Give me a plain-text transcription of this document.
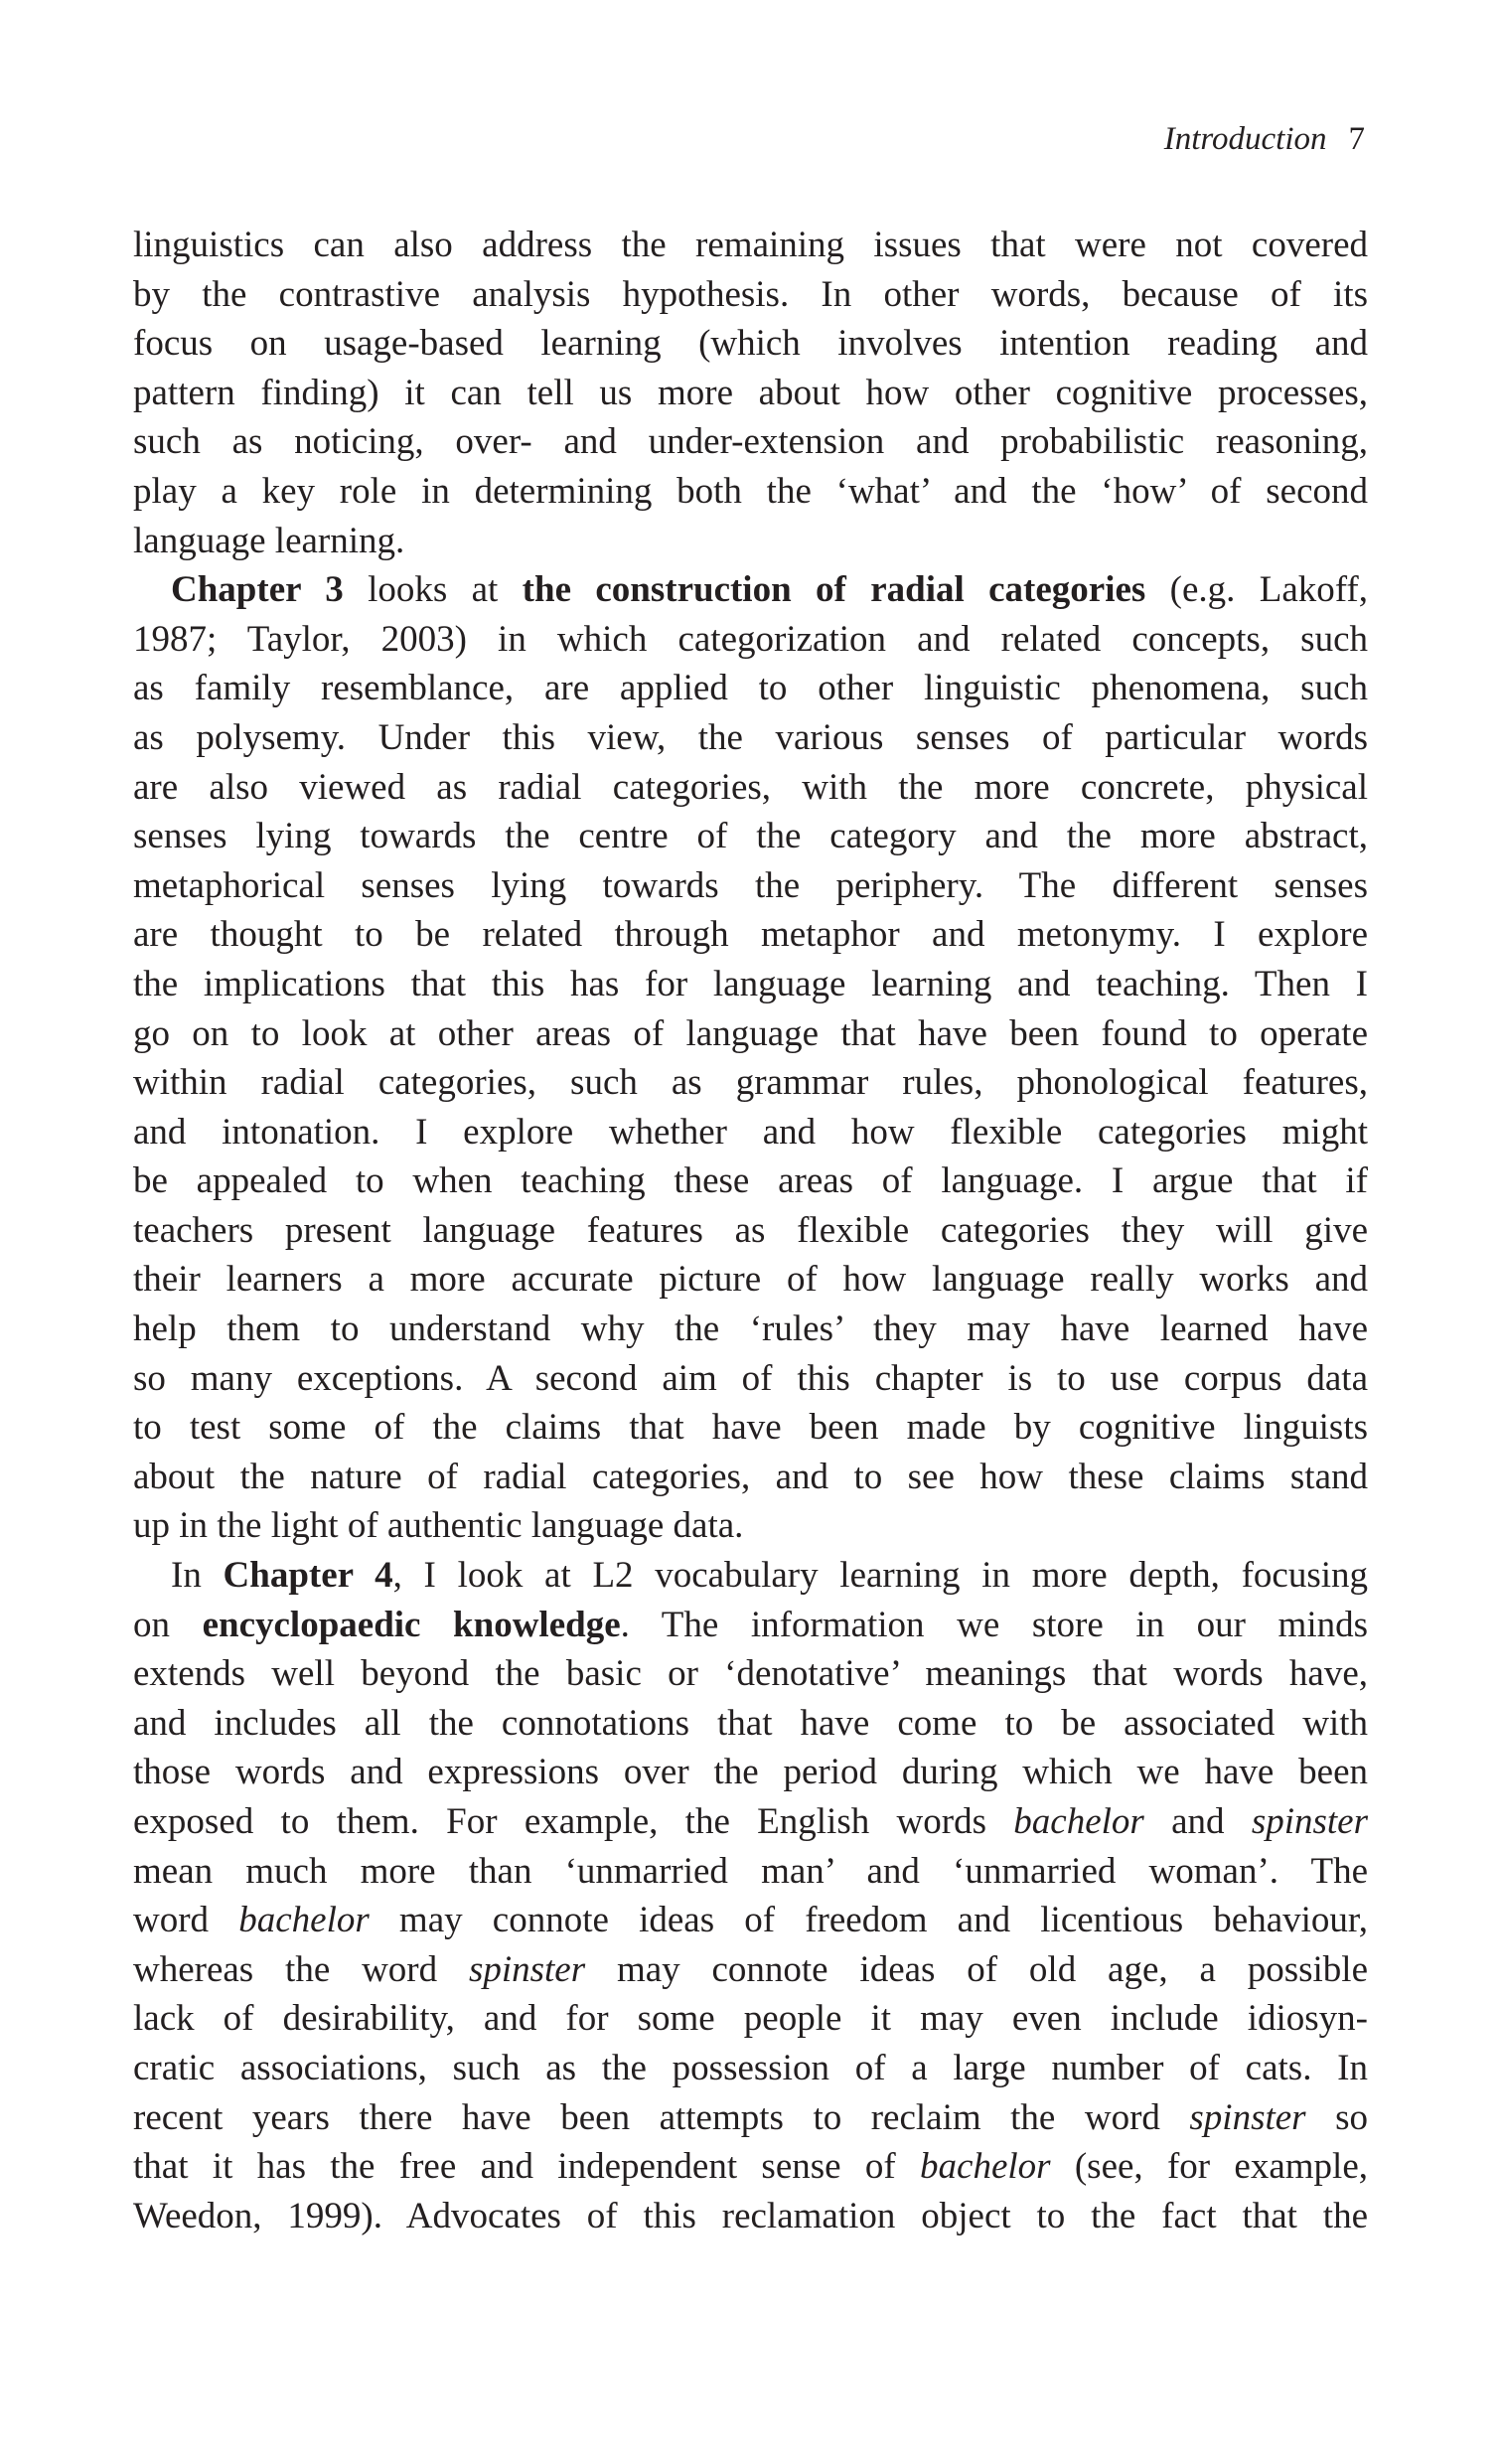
Introduction 7
linguistics can also address the remaining issues that were not covered
by the contrastive analysis hypothesis. In other words, because of its
focus on usage-based learning (which involves intention reading and
pattern finding) it can tell us more about how other cognitive processes,
such as noticing, over- and under-extension and probabilistic reasoning,
play a key role in determining both the ‘what’ and the ‘how’ of second
language learning.
Chapter 3 looks at the construction of radial categories (e.g. Lakoff,
1987; Taylor, 2003) in which categorization and related concepts, such
as family resemblance, are applied to other linguistic phenomena, such
as polysemy. Under this view, the various senses of particular words
are also viewed as radial categories, with the more concrete, physical
senses lying towards the centre of the category and the more abstract,
metaphorical senses lying towards the periphery. The different senses
are thought to be related through metaphor and metonymy. I explore
the implications that this has for language learning and teaching. Then I
go on to look at other areas of language that have been found to operate
within radial categories, such as grammar rules, phonological features,
and intonation. I explore whether and how flexible categories might
be appealed to when teaching these areas of language. I argue that if
teachers present language features as flexible categories they will give
their learners a more accurate picture of how language really works and
help them to understand why the ‘rules’ they may have learned have
so many exceptions. A second aim of this chapter is to use corpus data
to test some of the claims that have been made by cognitive linguists
about the nature of radial categories, and to see how these claims stand
up in the light of authentic language data.
In Chapter 4, I look at L2 vocabulary learning in more depth, focusing
on encyclopaedic knowledge. The information we store in our minds
extends well beyond the basic or ‘denotative’ meanings that words have,
and includes all the connotations that have come to be associated with
those words and expressions over the period during which we have been
exposed to them. For example, the English words bachelor and spinster
mean much more than ‘unmarried man’ and ‘unmarried woman’. The
word bachelor may connote ideas of freedom and licentious behaviour,
whereas the word spinster may connote ideas of old age, a possible
lack of desirability, and for some people it may even include idiosyn-
cratic associations, such as the possession of a large number of cats. In
recent years there have been attempts to reclaim the word spinster so
that it has the free and independent sense of bachelor (see, for example,
Weedon, 1999). Advocates of this reclamation object to the fact that the
